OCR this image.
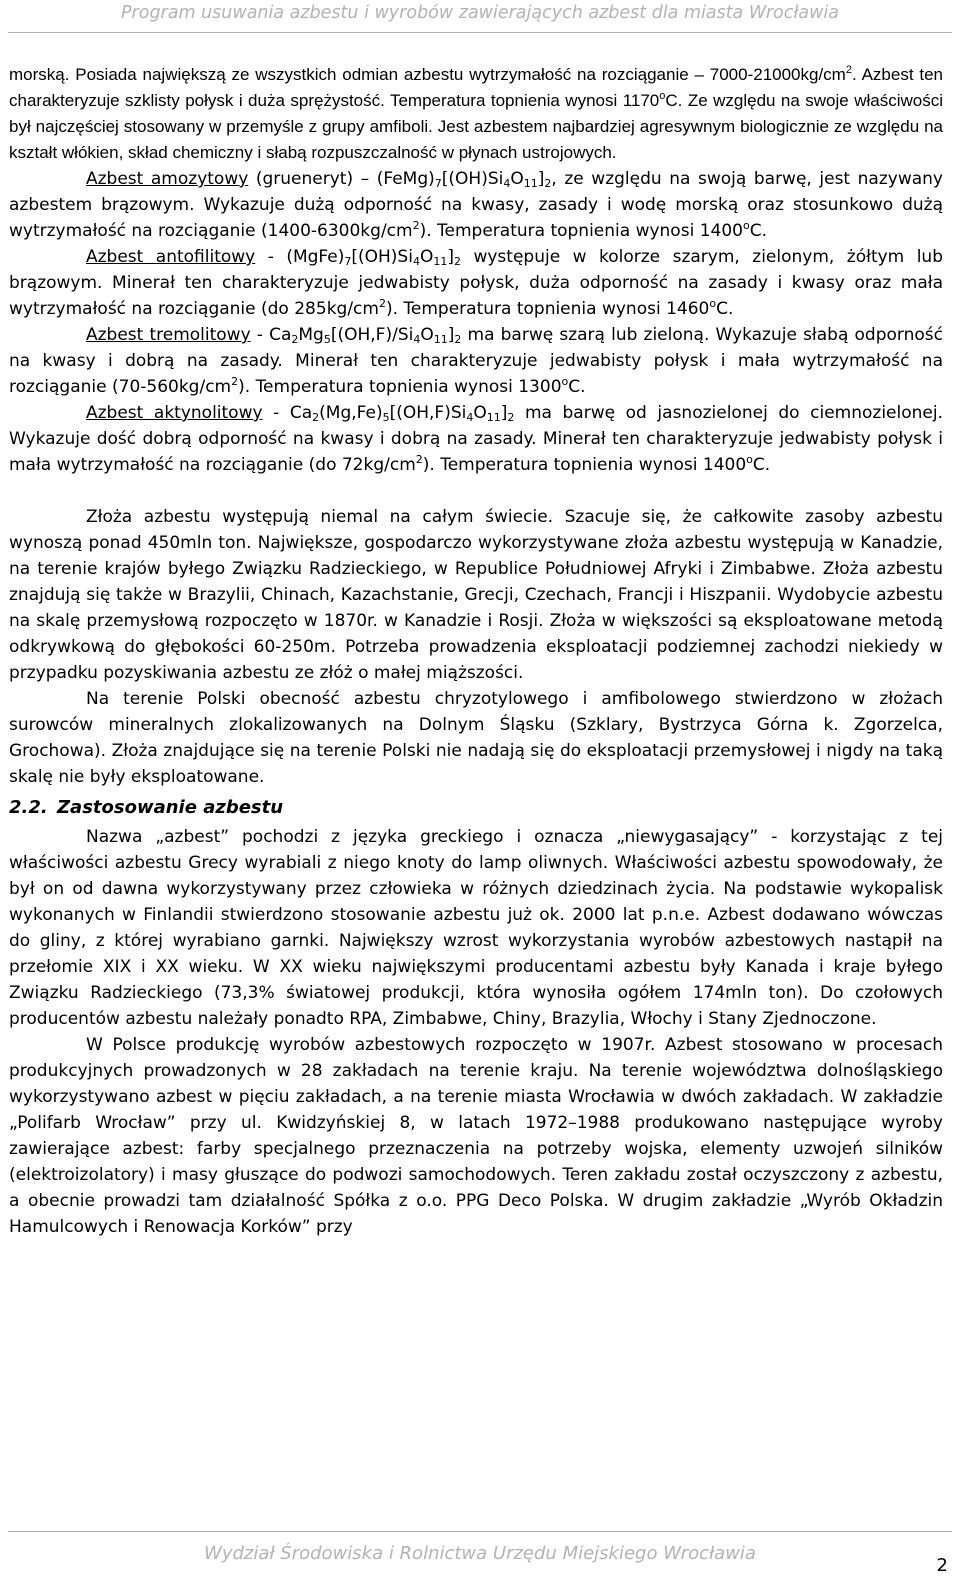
Program usuwania azbestu i wyrobów zawierających azbest dla miasta Wrocławia

morską. Posiada największą ze wszystkich odmian azbestu wytrzymałość na rozciąganie – $7000-21000kg/cm^2$. Azbest ten charakteryzuje szklisty połysk i duża sprężystość. Temperatura topnienia wynosi 1170$^o$C. Ze względu na swoje właściwości był najczęściej stosowany w przemyśle z grupy amfiboli. Jest azbestem najbardziej agresywnym biologicznie ze względu na kształt włókien, skład chemiczny i słabą rozpuszczalność w płynach ustrojowych.

Azbest amozytowy (grueneryt) – $(FeMg)_7[(OH)Si_4O_{11}]_2$, ze względu na swoją barwę, jest nazywany azbestem brązowym. Wykazuje dużą odporność na kwasy, zasady i wodę morską oraz stosunkowo dużą wytrzymałość na rozciąganie $(1400-6300kg/cm^2)$. Temperatura topnienia wynosi 1400$^o$C.

Azbest antofilitowy - $(MgFe)_7[(OH)Si_4O_{11}]_2$ występuje w kolorze szarym, zielonym, żółtym lub brązowym. Minerał ten charakteryzuje jedwabisty połysk, duża odporność na zasady i kwasy oraz mała wytrzymałość na rozciąganie (do $285kg/cm^2$). Temperatura topnienia wynosi 1460$^o$C.

Azbest tremolitowy - $Ca_2Mg_5[(OH,F)/Si_4O_{11}]_2$ ma barwę szarą lub zieloną. Wykazuje słabą odporność na kwasy i dobrą na zasady. Minerał ten charakteryzuje jedwabisty połysk i mała wytrzymałość na rozciąganie $(70-560kg/cm^2)$. Temperatura topnienia wynosi 1300$^o$C.

Azbest aktynolitowy - $Ca_2(Mg,Fe)_5[(OH,F)Si_4O_{11}]_2$ ma barwę od jasnozielonej do ciemnozielonej. Wykazuje dość dobrą odporność na kwasy i dobrą na zasady. Minerał ten charakteryzuje jedwabisty połysk i mała wytrzymałość na rozciąganie (do $72kg/cm^2$). Temperatura topnienia wynosi 1400$^o$C.

Złoża azbestu występują niemal na całym świecie. Szacuje się, że całkowite zasoby azbestu wynoszą ponad 450mln ton. Największe, gospodarczo wykorzystywane złoża azbestu występują w Kanadzie, na terenie krajów byłego Związku Radzieckiego, w Republice Południowej Afryki i Zimbabwe. Złoża azbestu znajdują się także w Brazylii, Chinach, Kazachstanie, Grecji, Czechach, Francji i Hiszpanii. Wydobycie azbestu na skalę przemysłową rozpoczęto w 1870r. w Kanadzie i Rosji. Złoża w większości są eksploatowane metodą odkrywkową do głębokości 60-250m. Potrzeba prowadzenia eksploatacji podziemnej zachodzi niekiedy w przypadku pozyskiwania azbestu ze złóż o małej miąższości.

Na terenie Polski obecność azbestu chryzotylowego i amfibolowego stwierdzono w złożach surowców mineralnych zlokalizowanych na Dolnym Śląsku (Szklary, Bystrzyca Górna k. Zgorzelca, Grochowa). Złoża znajdujące się na terenie Polski nie nadają się do eksploatacji przemysłowej i nigdy na taką skalę nie były eksploatowane.

2.2. Zastosowanie azbestu

Nazwa „azbest” pochodzi z języka greckiego i oznacza „niewygasający” - korzystając z tej właściwości azbestu Grecy wyrabiali z niego knoty do lamp oliwnych. Właściwości azbestu spowodowały, że był on od dawna wykorzystywany przez człowieka w różnych dziedzinach życia. Na podstawie wykopalisk wykonanych w Finlandii stwierdzono stosowanie azbestu już ok. 2000 lat p.n.e. Azbest dodawano wówczas do gliny, z której wyrabiano garnki. Największy wzrost wykorzystania wyrobów azbestowych nastąpił na przełomie XIX i XX wieku. W XX wieku największymi producentami azbestu były Kanada i kraje byłego Związku Radzieckiego (73,3% światowej produkcji, która wynosiła ogółem 174mln ton). Do czołowych producentów azbestu należały ponadto RPA, Zimbabwe, Chiny, Brazylia, Włochy i Stany Zjednoczone.

W Polsce produkcję wyrobów azbestowych rozpoczęto w 1907r. Azbest stosowano w procesach produkcyjnych prowadzonych w 28 zakładach na terenie kraju. Na terenie województwa dolnośląskiego wykorzystywano azbest w pięciu zakładach, a na terenie miasta Wrocławia w dwóch zakładach. W zakładzie „Polifarb Wrocław” przy ul. Kwidzyńskiej 8, w latach 1972–1988 produkowano następujące wyroby zawierające azbest: farby specjalnego przeznaczenia na potrzeby wojska, elementy uzwojeń silników (elektroizolatory) i masy głuszące do podwozi samochodowych. Teren zakładu został oczyszczony z azbestu, a obecnie prowadzi tam działalność Spółka z o.o. PPG Deco Polska. W drugim zakładzie „Wyrób Okładzin Hamulcowych i Renowacja Korków” przy

Wydział Środowiska i Rolnictwa Urzędu Miejskiego Wrocławia
2
